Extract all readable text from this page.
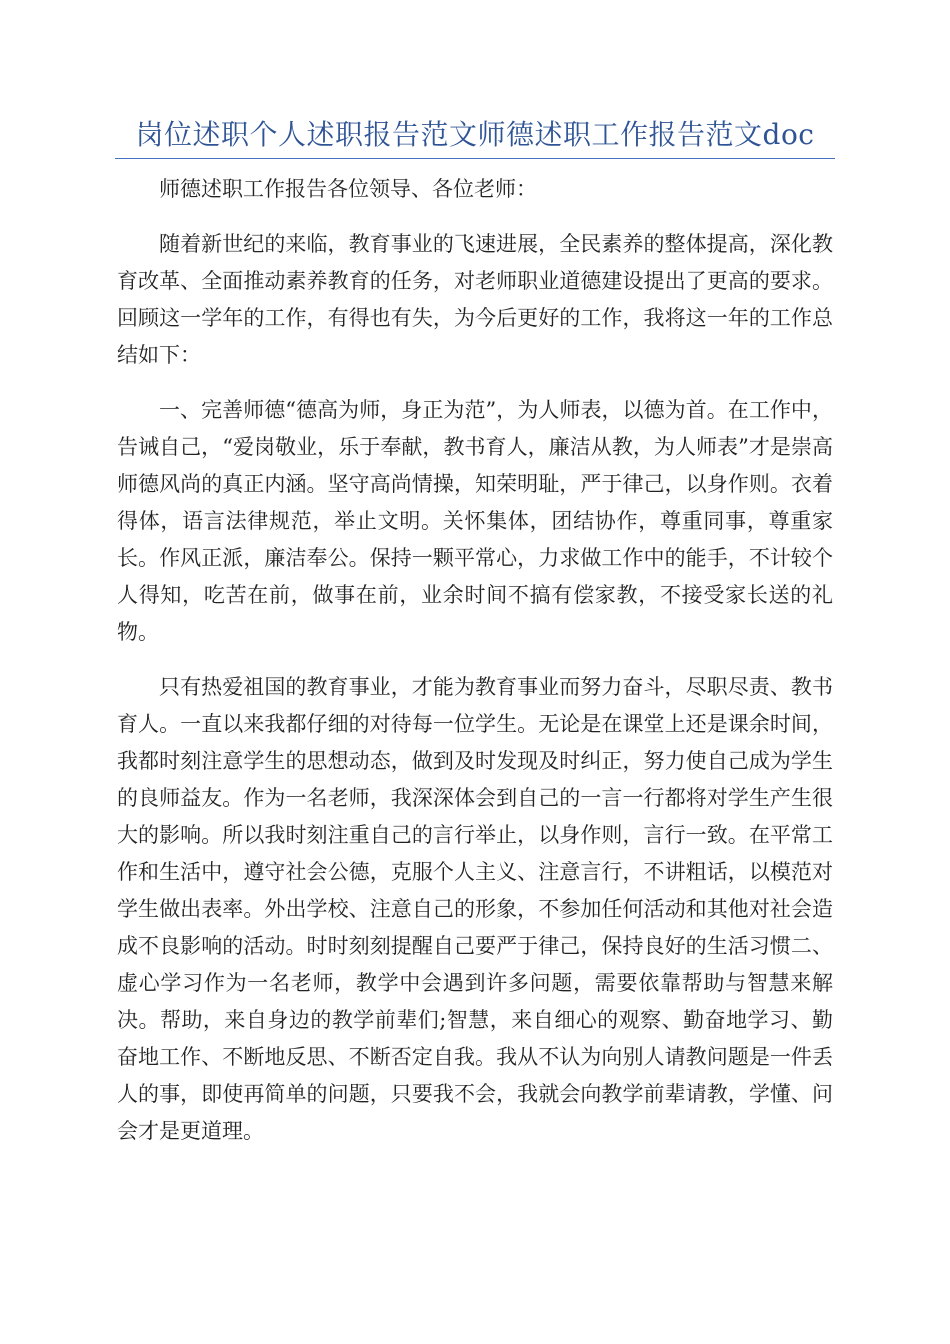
岗位述职个人述职报告范文师德述职工作报告范文doc

师德述职工作报告各位领导、各位老师：

随着新世纪的来临，教育事业的飞速进展，全民素养的整体提高，深化教育改革、全面推动素养教育的任务，对老师职业道德建设提出了更高的要求。回顾这一学年的工作，有得也有失，为今后更好的工作，我将这一年的工作总结如下：

一、完善师德“德高为师，身正为范”，为人师表，以德为首。在工作中，告诫自己，“爱岗敬业，乐于奉献，教书育人，廉洁从教，为人师表”才是崇高师德风尚的真正内涵。坚守高尚情操，知荣明耻，严于律己，以身作则。衣着得体，语言法律规范，举止文明。关怀集体，团结协作，尊重同事，尊重家长。作风正派，廉洁奉公。保持一颗平常心，力求做工作中的能手，不计较个人得知，吃苦在前，做事在前，业余时间不搞有偿家教，不接受家长送的礼物。

只有热爱祖国的教育事业，才能为教育事业而努力奋斗，尽职尽责、教书育人。一直以来我都仔细的对待每一位学生。无论是在课堂上还是课余时间，我都时刻注意学生的思想动态，做到及时发现及时纠正，努力使自己成为学生的良师益友。作为一名老师，我深深体会到自己的一言一行都将对学生产生很大的影响。所以我时刻注重自己的言行举止，以身作则，言行一致。在平常工作和生活中，遵守社会公德，克服个人主义、注意言行，不讲粗话，以模范对学生做出表率。外出学校、注意自己的形象，不参加任何活动和其他对社会造成不良影响的活动。时时刻刻提醒自己要严于律己，保持良好的生活习惯二、虚心学习作为一名老师，教学中会遇到许多问题，需要依靠帮助与智慧来解决。帮助，来自身边的教学前辈们;智慧，来自细心的观察、勤奋地学习、勤奋地工作、不断地反思、不断否定自我。我从不认为向别人请教问题是一件丢人的事，即使再简单的问题，只要我不会，我就会向教学前辈请教，学懂、问会才是更道理。
